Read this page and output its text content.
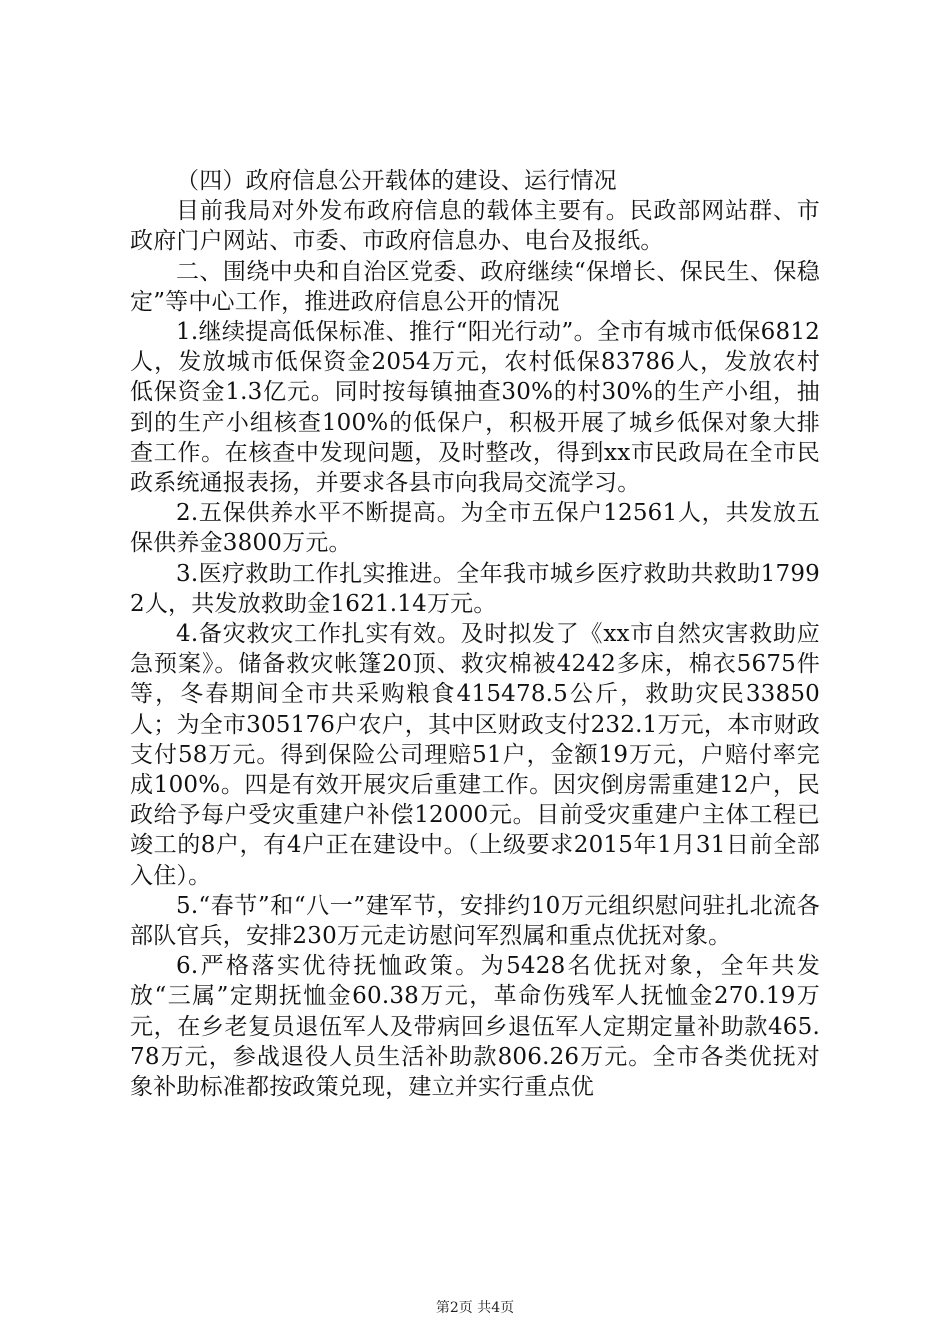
（四）政府信息公开载体的建设、运行情况

目前我局对外发布政府信息的载体主要有。民政部网站群、市政府门户网站、市委、市政府信息办、电台及报纸。

二、围绕中央和自治区党委、政府继续“保增长、保民生、保稳定”等中心工作，推进政府信息公开的情况

1.继续提高低保标准、推行“阳光行动”。全市有城市低保6812人，发放城市低保资金2054万元，农村低保83786人，发放农村低保资金1.3亿元。同时按每镇抽查30%的村30%的生产小组，抽到的生产小组核查100%的低保户，积极开展了城乡低保对象大排查工作。在核查中发现问题，及时整改，得到xx市民政局在全市民政系统通报表扬，并要求各县市向我局交流学习。

2.五保供养水平不断提高。为全市五保户12561人，共发放五保供养金3800万元。

3.医疗救助工作扎实推进。全年我市城乡医疗救助共救助17992人，共发放救助金1621.14万元。

4.备灾救灾工作扎实有效。及时拟发了《xx市自然灾害救助应急预案》。储备救灾帐篷20顶、救灾棉被4242多床，棉衣5675件等，冬春期间全市共采购粮食415478.5公斤，救助灾民33850人；为全市305176户农户，其中区财政支付232.1万元，本市财政支付58万元。得到保险公司理赔51户，金额19万元，户赔付率完成100%。四是有效开展灾后重建工作。因灾倒房需重建12户，民政给予每户受灾重建户补偿12000元。目前受灾重建户主体工程已竣工的8户，有4户正在建设中。（上级要求2015年1月31日前全部入住）。

5.“春节”和“八一”建军节，安排约10万元组织慰问驻扎北流各部队官兵，安排230万元走访慰问军烈属和重点优抚对象。

6.严格落实优待抚恤政策。为5428名优抚对象，全年共发放“三属”定期抚恤金60.38万元，革命伤残军人抚恤金270.19万元，在乡老复员退伍军人及带病回乡退伍军人定期定量补助款465.78万元，参战退役人员生活补助款806.26万元。全市各类优抚对象补助标准都按政策兑现，建立并实行重点优

第2页 共4页
